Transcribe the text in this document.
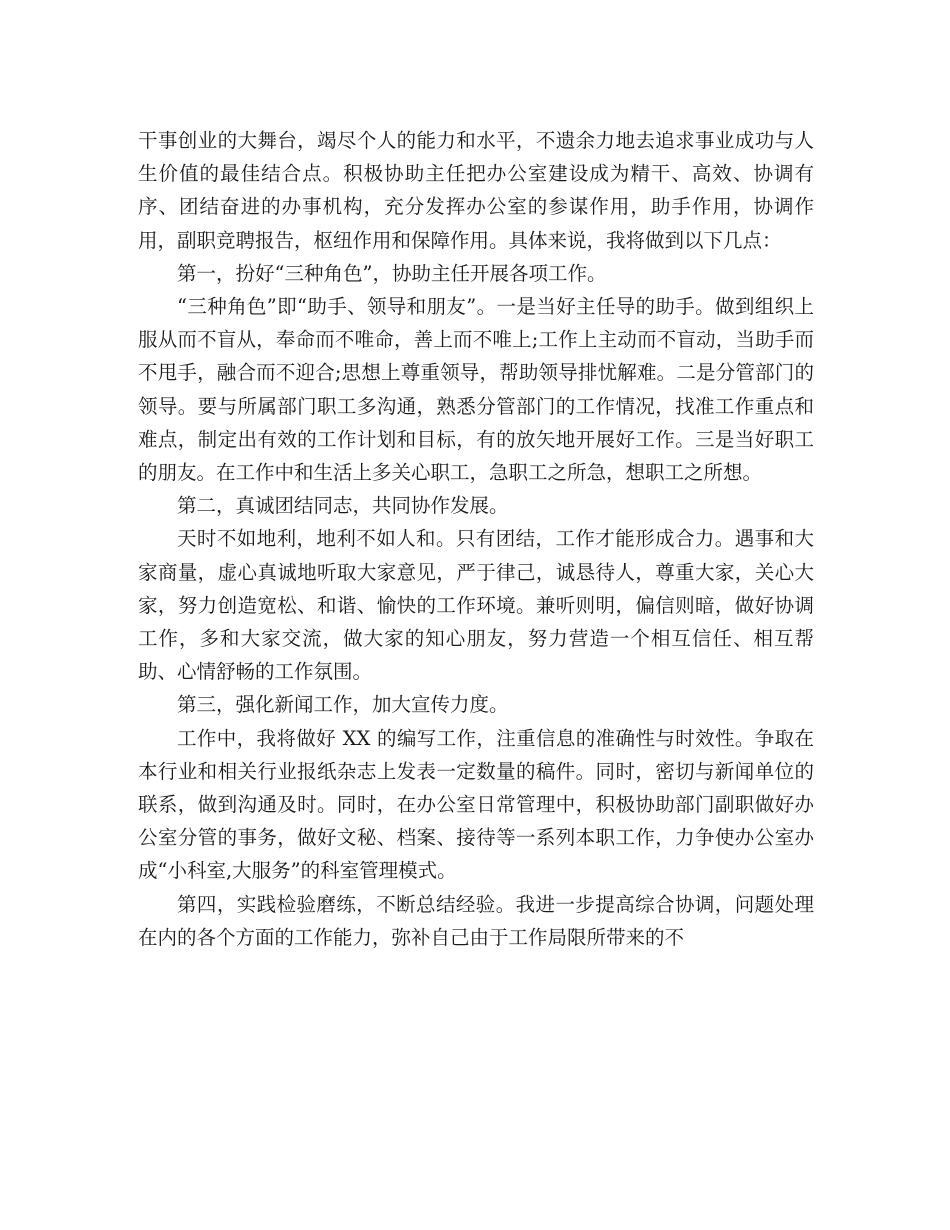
干事创业的大舞台，竭尽个人的能力和水平，不遗余力地去追求事业成功与人生价值的最佳结合点。积极协助主任把办公室建设成为精干、高效、协调有序、团结奋进的办事机构，充分发挥办公室的参谋作用，助手作用，协调作用，副职竞聘报告，枢纽作用和保障作用。具体来说，我将做到以下几点：

第一，扮好“三种角色”，协助主任开展各项工作。

“三种角色”即“助手、领导和朋友”。一是当好主任导的助手。做到组织上服从而不盲从，奉命而不唯命，善上而不唯上;工作上主动而不盲动，当助手而不甩手，融合而不迎合;思想上尊重领导，帮助领导排忧解难。二是分管部门的领导。要与所属部门职工多沟通，熟悉分管部门的工作情况，找准工作重点和难点，制定出有效的工作计划和目标，有的放矢地开展好工作。三是当好职工的朋友。在工作中和生活上多关心职工，急职工之所急，想职工之所想。

第二，真诚团结同志，共同协作发展。

天时不如地利，地利不如人和。只有团结，工作才能形成合力。遇事和大家商量，虚心真诚地听取大家意见，严于律己，诚恳待人，尊重大家，关心大家，努力创造宽松、和谐、愉快的工作环境。兼听则明，偏信则暗，做好协调工作，多和大家交流，做大家的知心朋友，努力营造一个相互信任、相互帮助、心情舒畅的工作氛围。

第三，强化新闻工作，加大宣传力度。

工作中，我将做好 XX 的编写工作，注重信息的准确性与时效性。争取在本行业和相关行业报纸杂志上发表一定数量的稿件。同时，密切与新闻单位的联系，做到沟通及时。同时，在办公室日常管理中，积极协助部门副职做好办公室分管的事务，做好文秘、档案、接待等一系列本职工作，力争使办公室办成“小科室,大服务”的科室管理模式。

第四，实践检验磨练，不断总结经验。我进一步提高综合协调，问题处理在内的各个方面的工作能力，弥补自己由于工作局限所带来的不
